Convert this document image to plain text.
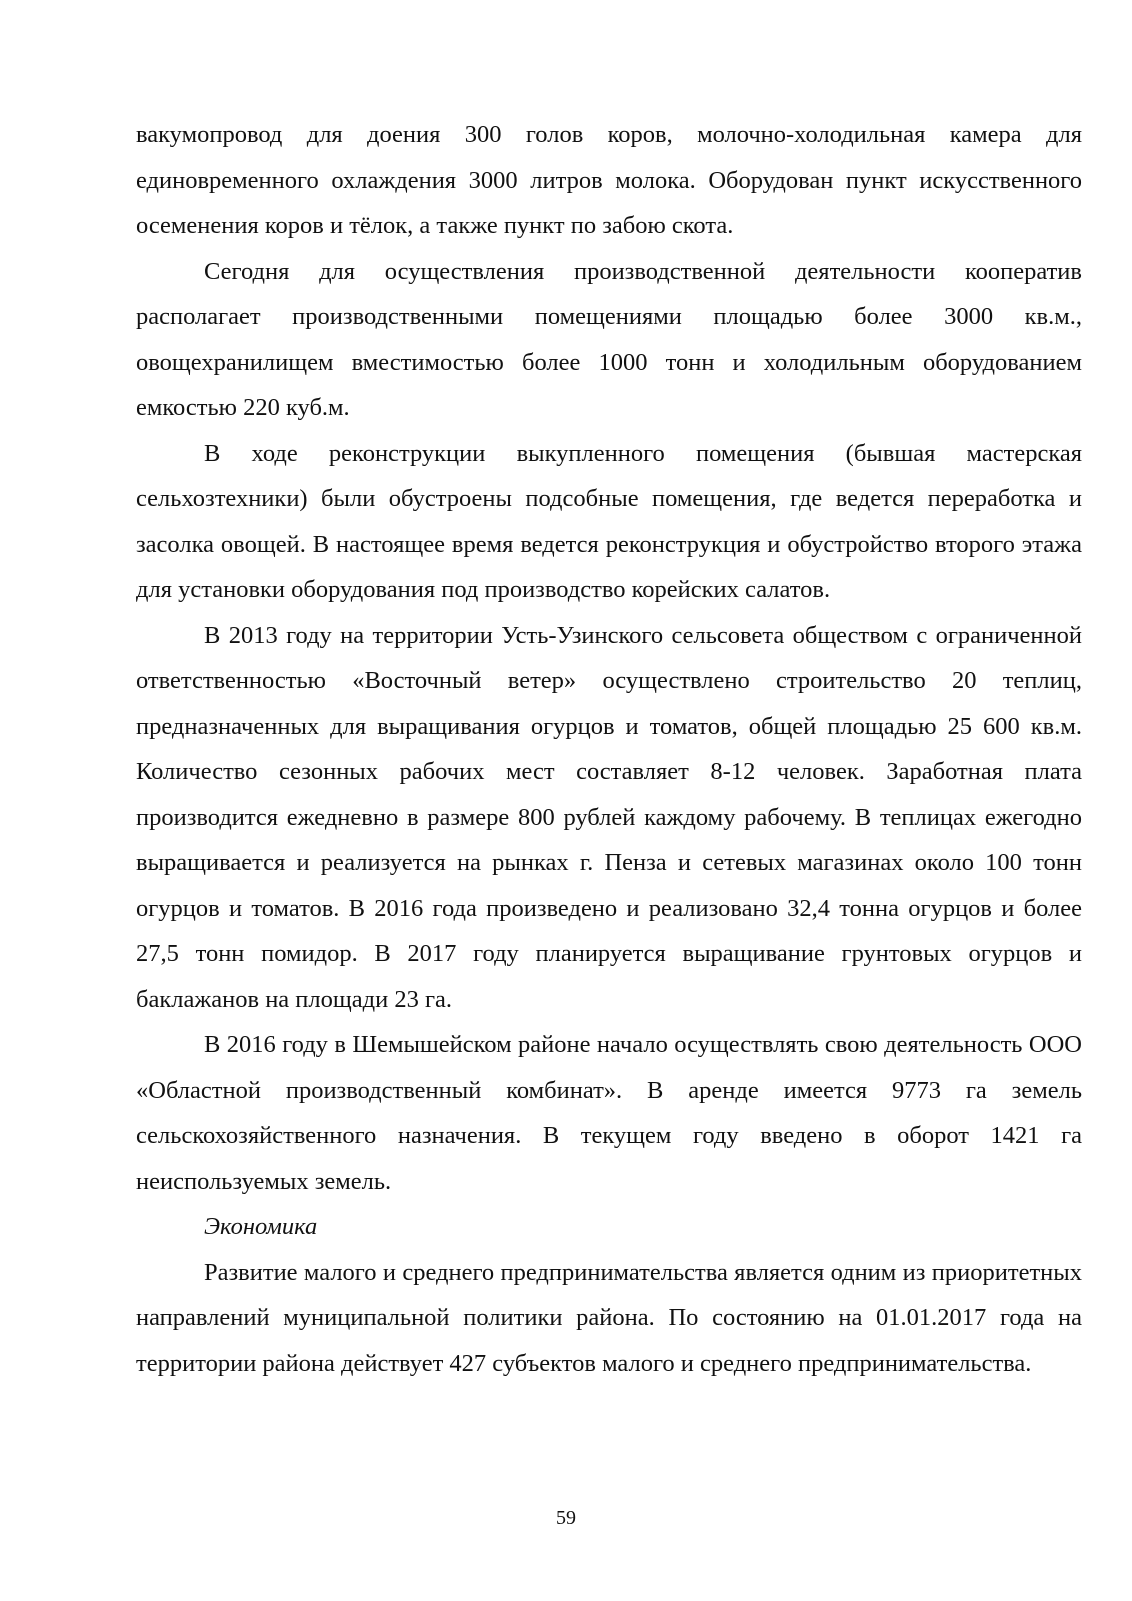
вакумопровод для доения 300 голов коров, молочно-холодильная камера для единовременного охлаждения 3000 литров молока. Оборудован пункт искусственного осеменения коров и тёлок, а также пункт по забою скота.

Сегодня для осуществления производственной деятельности кооператив располагает производственными помещениями площадью более 3000 кв.м., овощехранилищем вместимостью более 1000 тонн и холодильным оборудованием емкостью 220 куб.м.

В ходе реконструкции выкупленного помещения (бывшая мастерская сельхозтехники) были обустроены подсобные помещения, где ведется переработка и засолка овощей. В настоящее время ведется реконструкция и обустройство второго этажа для установки оборудования под производство корейских салатов.

В 2013 году на территории Усть-Узинского сельсовета обществом с ограниченной ответственностью «Восточный ветер» осуществлено строительство 20 теплиц, предназначенных для выращивания огурцов и томатов, общей площадью 25 600 кв.м. Количество сезонных рабочих мест составляет 8-12 человек. Заработная плата производится ежедневно в размере 800 рублей каждому рабочему. В теплицах ежегодно выращивается и реализуется на рынках г. Пенза и сетевых магазинах около 100 тонн огурцов и томатов. В 2016 года произведено и реализовано 32,4 тонна огурцов и более 27,5 тонн помидор. В 2017 году планируется выращивание грунтовых огурцов и баклажанов на площади 23 га.

В 2016 году в Шемышейском районе начало осуществлять свою деятельность ООО «Областной производственный комбинат». В аренде имеется 9773 га земель сельскохозяйственного назначения. В текущем году введено в оборот 1421 га неиспользуемых земель.

Экономика

Развитие малого и среднего предпринимательства является одним из приоритетных направлений муниципальной политики района. По состоянию на 01.01.2017 года на территории района действует 427 субъектов малого и среднего предпринимательства.

59
